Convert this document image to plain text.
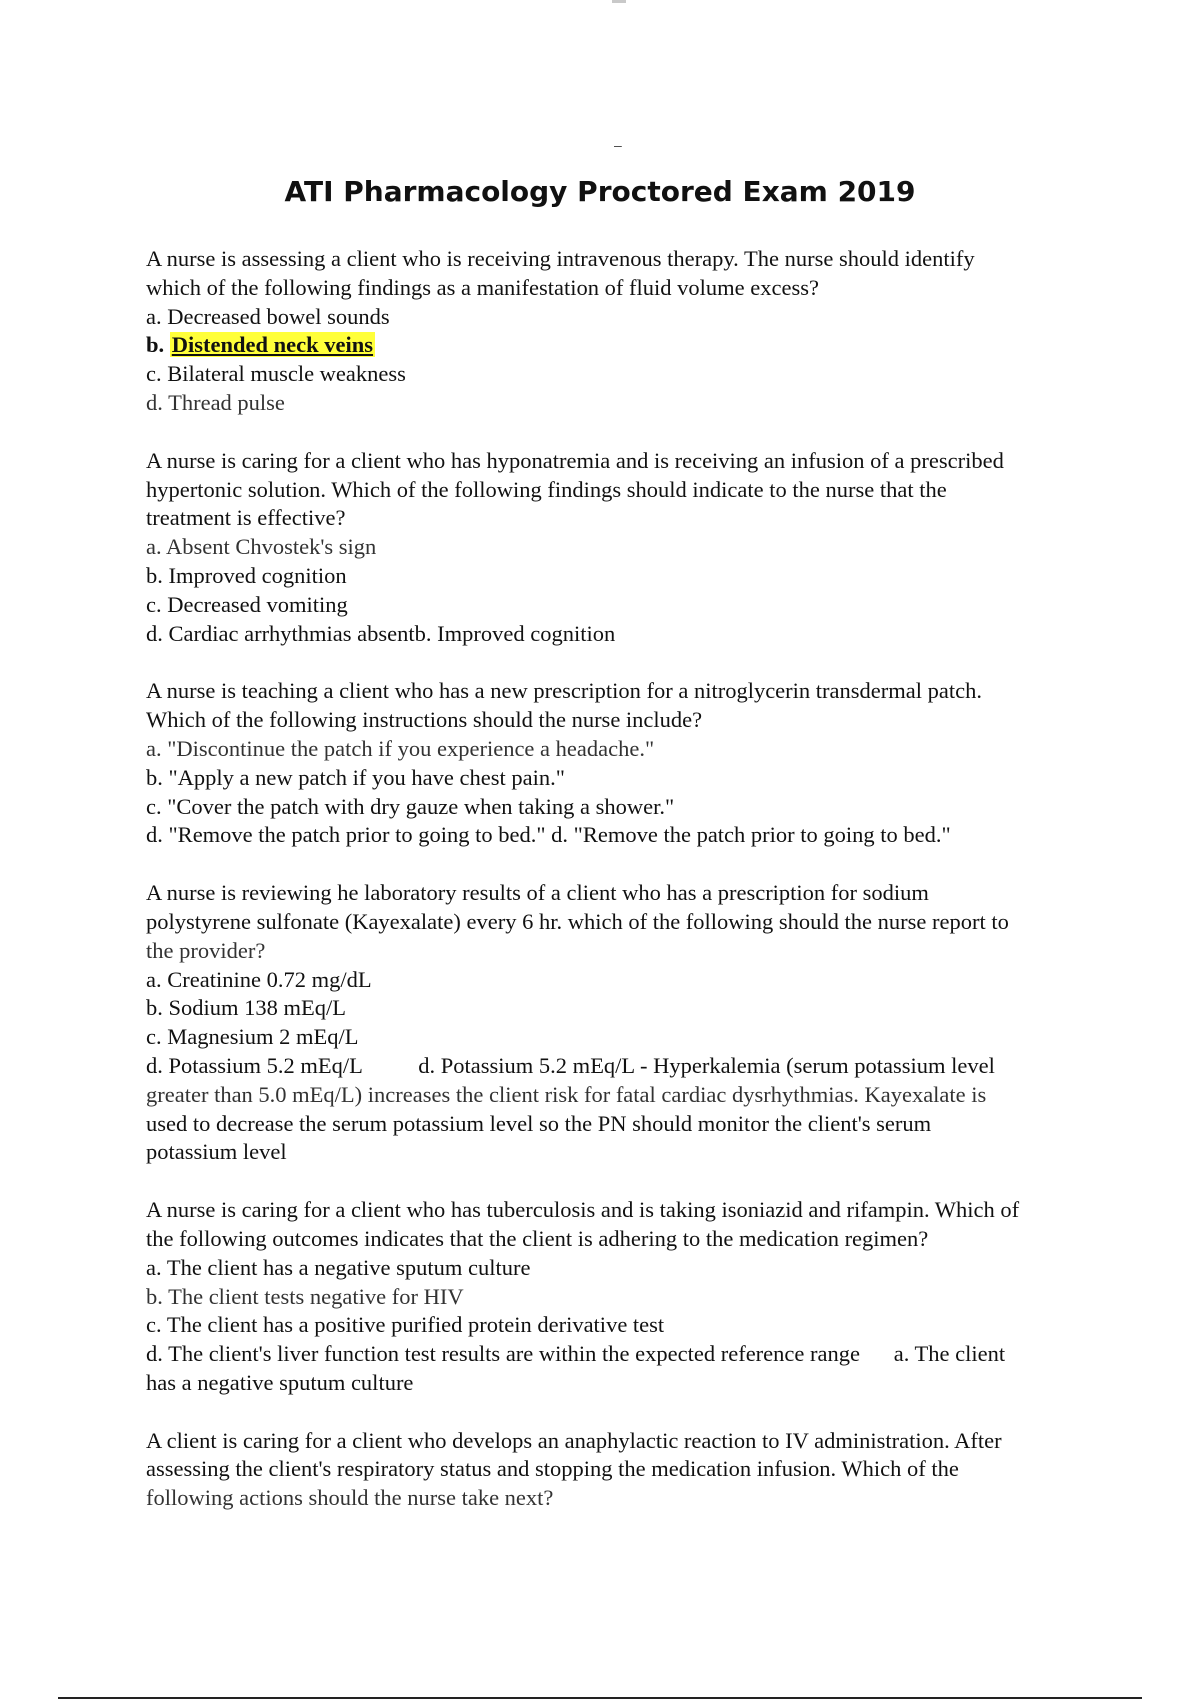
–
ATI Pharmacology Proctored Exam 2019
A nurse is assessing a client who is receiving intravenous therapy. The nurse should identify
which of the following findings as a manifestation of fluid volume excess?
a. Decreased bowel sounds
b. Distended neck veins
c. Bilateral muscle weakness
d. Thread pulse
A nurse is caring for a client who has hyponatremia and is receiving an infusion of a prescribed
hypertonic solution. Which of the following findings should indicate to the nurse that the
treatment is effective?
a. Absent Chvostek's sign
b. Improved cognition
c. Decreased vomiting
d. Cardiac arrhythmias absentb. Improved cognition
A nurse is teaching a client who has a new prescription for a nitroglycerin transdermal patch.
Which of the following instructions should the nurse include?
a. "Discontinue the patch if you experience a headache."
b. "Apply a new patch if you have chest pain."
c. "Cover the patch with dry gauze when taking a shower."
d. "Remove the patch prior to going to bed." d. "Remove the patch prior to going to bed."
A nurse is reviewing he laboratory results of a client who has a prescription for sodium
polystyrene sulfonate (Kayexalate) every 6 hr. which of the following should the nurse report to
the provider?
a. Creatinine 0.72 mg/dL
b. Sodium 138 mEq/L
c. Magnesium 2 mEq/L
d. Potassium 5.2 mEq/L          d. Potassium 5.2 mEq/L - Hyperkalemia (serum potassium level
greater than 5.0 mEq/L) increases the client risk for fatal cardiac dysrhythmias. Kayexalate is
used to decrease the serum potassium level so the PN should monitor the client's serum
potassium level
A nurse is caring for a client who has tuberculosis and is taking isoniazid and rifampin. Which of
the following outcomes indicates that the client is adhering to the medication regimen?
a. The client has a negative sputum culture
b. The client tests negative for HIV
c. The client has a positive purified protein derivative test
d. The client's liver function test results are within the expected reference range      a. The client
has a negative sputum culture
A client is caring for a client who develops an anaphylactic reaction to IV administration. After
assessing the client's respiratory status and stopping the medication infusion. Which of the
following actions should the nurse take next?
